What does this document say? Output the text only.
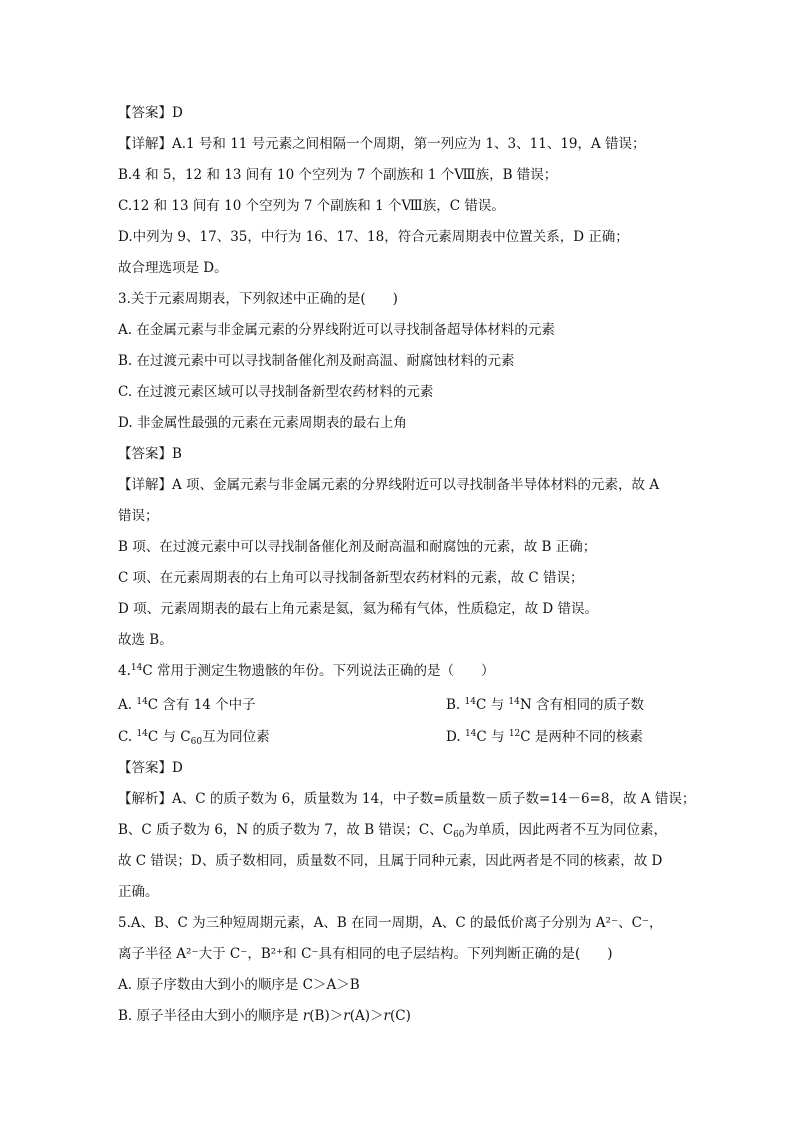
【答案】D
【详解】A.1 号和 11 号元素之间相隔一个周期，第一列应为 1、3、11、19，A 错误；
B.4 和 5，12 和 13 间有 10 个空列为 7 个副族和 1 个Ⅷ族，B 错误；
C.12 和 13 间有 10 个空列为 7 个副族和 1 个Ⅷ族，C 错误。
D.中列为 9、17、35，中行为 16、17、18，符合元素周期表中位置关系，D 正确；
故合理选项是 D。
3.关于元素周期表，下列叙述中正确的是(　　)
A. 在金属元素与非金属元素的分界线附近可以寻找制备超导体材料的元素
B. 在过渡元素中可以寻找制备催化剂及耐高温、耐腐蚀材料的元素
C. 在过渡元素区域可以寻找制备新型农药材料的元素
D. 非金属性最强的元素在元素周期表的最右上角
【答案】B
【详解】A 项、金属元素与非金属元素的分界线附近可以寻找制备半导体材料的元素，故 A
错误；
B 项、在过渡元素中可以寻找制备催化剂及耐高温和耐腐蚀的元素，故 B 正确；
C 项、在元素周期表的右上角可以寻找制备新型农药材料的元素，故 C 错误；
D 项、元素周期表的最右上角元素是氦，氦为稀有气体，性质稳定，故 D 错误。
故选 B。
4.14C 常用于测定生物遗骸的年份。下列说法正确的是（　　）
A. $^{14}$C 含有 14 个中子	B. $^{14}$C 与 $^{14}$N 含有相同的质子数
C. $^{14}$C 与 $C_{60}$互为同位素	D. $^{14}$C 与 $^{12}$C 是两种不同的核素
【答案】D
【解析】A、C 的质子数为 6，质量数为 14，中子数=质量数－质子数=14－6=8，故 A 错误；
B、C 质子数为 6，N 的质子数为 7，故 B 错误；C、$C_{60}$为单质，因此两者不互为同位素，
故 C 错误；D、质子数相同，质量数不同，且属于同种元素，因此两者是不同的核素，故 D
正确。
5.A、B、C 为三种短周期元素，A、B 在同一周期，A、C 的最低价离子分别为 A²⁻、C⁻，
离子半径 A²⁻大于 C⁻，B²⁺和 C⁻具有相同的电子层结构。下列判断正确的是(　　)
A. 原子序数由大到小的顺序是 C＞A＞B
B. 原子半径由大到小的顺序是 r(B)＞r(A)＞r(C)
